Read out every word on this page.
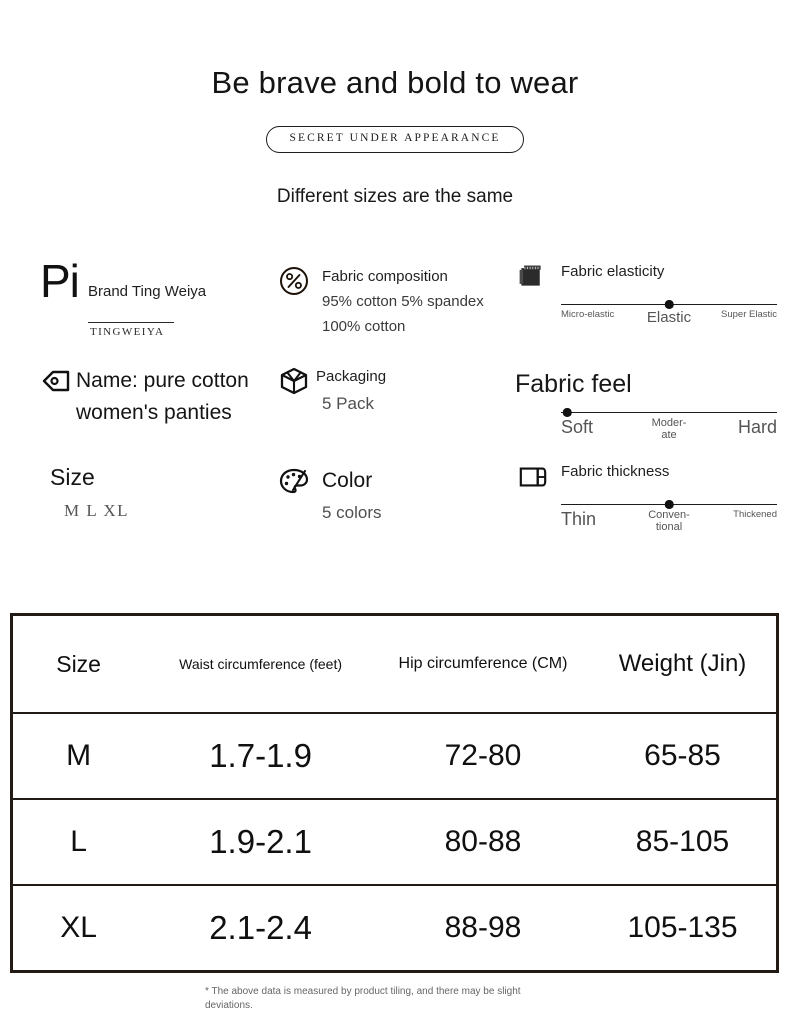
Be brave and bold to wear
SECRET UNDER APPEARANCE
Different sizes are the same
Pi Brand Ting Weiya
TINGWEIYA
Name: pure cotton women's panties
Size
M L XL
Fabric composition
95% cotton 5% spandex 100% cotton
Packaging
5 Pack
Color
5 colors
Fabric elasticity
Micro-elastic Elastic	Super Elastic
Fabric feel
Soft	Moder-
ate	Hard
Fabric thickness
Thin	Conven-
tional
Thickened
Size	Waist circumference (feet)	Hip circumference (CM)	Weight (Jin)
M	1.7-1.9	72-80	65-85
L	1.9-2.1	80-88	85-105
XL	2.1-2.4	88-98	105-135
* The above data is measured by product tiling, and there may be slight deviations.
